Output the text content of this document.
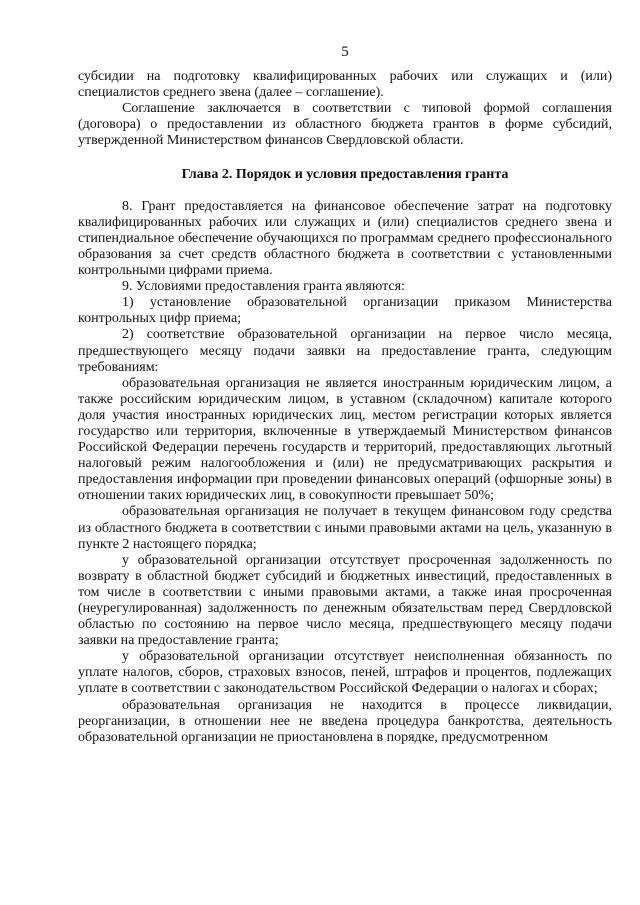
5

субсидии на подготовку квалифицированных рабочих или служащих и (или) специалистов среднего звена (далее – соглашение).

Соглашение заключается в соответствии с типовой формой соглашения (договора) о предоставлении из областного бюджета грантов в форме субсидий, утвержденной Министерством финансов Свердловской области.

Глава 2. Порядок и условия предоставления гранта

8. Грант предоставляется на финансовое обеспечение затрат на подготовку квалифицированных рабочих или служащих и (или) специалистов среднего звена и стипендиальное обеспечение обучающихся по программам среднего профессионального образования за счет средств областного бюджета в соответствии с установленными контрольными цифрами приема.

9. Условиями предоставления гранта являются:

1) установление образовательной организации приказом Министерства контрольных цифр приема;

2) соответствие образовательной организации на первое число месяца, предшествующего месяцу подачи заявки на предоставление гранта, следующим требованиям:

образовательная организация не является иностранным юридическим лицом, а также российским юридическим лицом, в уставном (складочном) капитале которого доля участия иностранных юридических лиц, местом регистрации которых является государство или территория, включенные в утверждаемый Министерством финансов Российской Федерации перечень государств и территорий, предоставляющих льготный налоговый режим налогообложения и (или) не предусматривающих раскрытия и предоставления информации при проведении финансовых операций (офшорные зоны) в отношении таких юридических лиц, в совокупности превышает 50%;

образовательная организация не получает в текущем финансовом году средства из областного бюджета в соответствии с иными правовыми актами на цель, указанную в пункте 2 настоящего порядка;

у образовательной организации отсутствует просроченная задолженность по возврату в областной бюджет субсидий и бюджетных инвестиций, предоставленных в том числе в соответствии с иными правовыми актами, а также иная просроченная (неурегулированная) задолженность по денежным обязательствам перед Свердловской областью по состоянию на первое число месяца, предшествующего месяцу подачи заявки на предоставление гранта;

у образовательной организации отсутствует неисполненная обязанность по уплате налогов, сборов, страховых взносов, пеней, штрафов и процентов, подлежащих уплате в соответствии с законодательством Российской Федерации о налогах и сборах;

образовательная организация не находится в процессе ликвидации, реорганизации, в отношении нее не введена процедура банкротства, деятельность образовательной организации не приостановлена в порядке, предусмотренном
